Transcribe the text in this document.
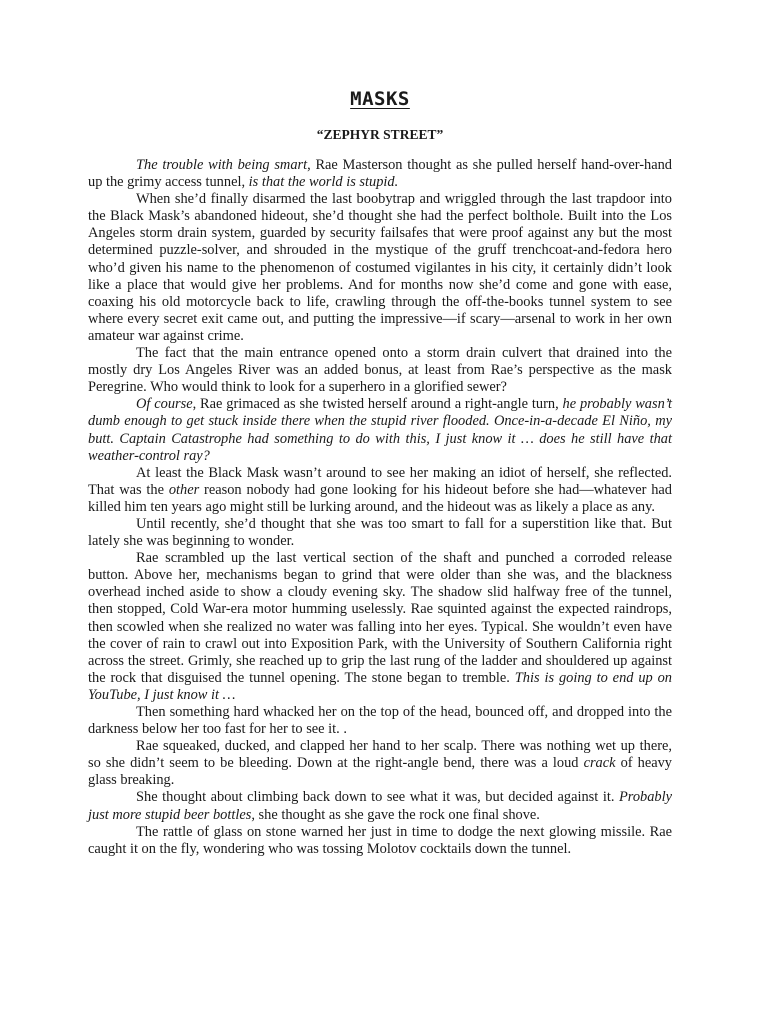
MASKS
“ZEPHYR STREET”

The trouble with being smart, Rae Masterson thought as she pulled herself hand-over-hand up the grimy access tunnel, is that the world is stupid.

When she’d finally disarmed the last boobytrap and wriggled through the last trapdoor into the Black Mask’s abandoned hideout, she’d thought she had the perfect bolthole. Built into the Los Angeles storm drain system, guarded by security failsafes that were proof against any but the most determined puzzle-solver, and shrouded in the mystique of the gruff trenchcoat-and-fedora hero who’d given his name to the phenomenon of costumed vigilantes in his city, it certainly didn’t look like a place that would give her problems. And for months now she’d come and gone with ease, coaxing his old motorcycle back to life, crawling through the off-the-books tunnel system to see where every secret exit came out, and putting the impressive—if scary—arsenal to work in her own amateur war against crime.

The fact that the main entrance opened onto a storm drain culvert that drained into the mostly dry Los Angeles River was an added bonus, at least from Rae’s perspective as the mask Peregrine. Who would think to look for a superhero in a glorified sewer?

Of course, Rae grimaced as she twisted herself around a right-angle turn, he probably wasn’t dumb enough to get stuck inside there when the stupid river flooded. Once-in-a-decade El Niño, my butt. Captain Catastrophe had something to do with this, I just know it … does he still have that weather-control ray?

At least the Black Mask wasn’t around to see her making an idiot of herself, she reflected. That was the other reason nobody had gone looking for his hideout before she had—whatever had killed him ten years ago might still be lurking around, and the hideout was as likely a place as any.

Until recently, she’d thought that she was too smart to fall for a superstition like that. But lately she was beginning to wonder.

Rae scrambled up the last vertical section of the shaft and punched a corroded release button. Above her, mechanisms began to grind that were older than she was, and the blackness overhead inched aside to show a cloudy evening sky. The shadow slid halfway free of the tunnel, then stopped, Cold War-era motor humming uselessly. Rae squinted against the expected raindrops, then scowled when she realized no water was falling into her eyes. Typical. She wouldn’t even have the cover of rain to crawl out into Exposition Park, with the University of Southern California right across the street. Grimly, she reached up to grip the last rung of the ladder and shouldered up against the rock that disguised the tunnel opening. The stone began to tremble. This is going to end up on YouTube, I just know it …

Then something hard whacked her on the top of the head, bounced off, and dropped into the darkness below her too fast for her to see it. .

Rae squeaked, ducked, and clapped her hand to her scalp. There was nothing wet up there, so she didn’t seem to be bleeding. Down at the right-angle bend, there was a loud crack of heavy glass breaking.

She thought about climbing back down to see what it was, but decided against it. Probably just more stupid beer bottles, she thought as she gave the rock one final shove.

The rattle of glass on stone warned her just in time to dodge the next glowing missile. Rae caught it on the fly, wondering who was tossing Molotov cocktails down the tunnel.
